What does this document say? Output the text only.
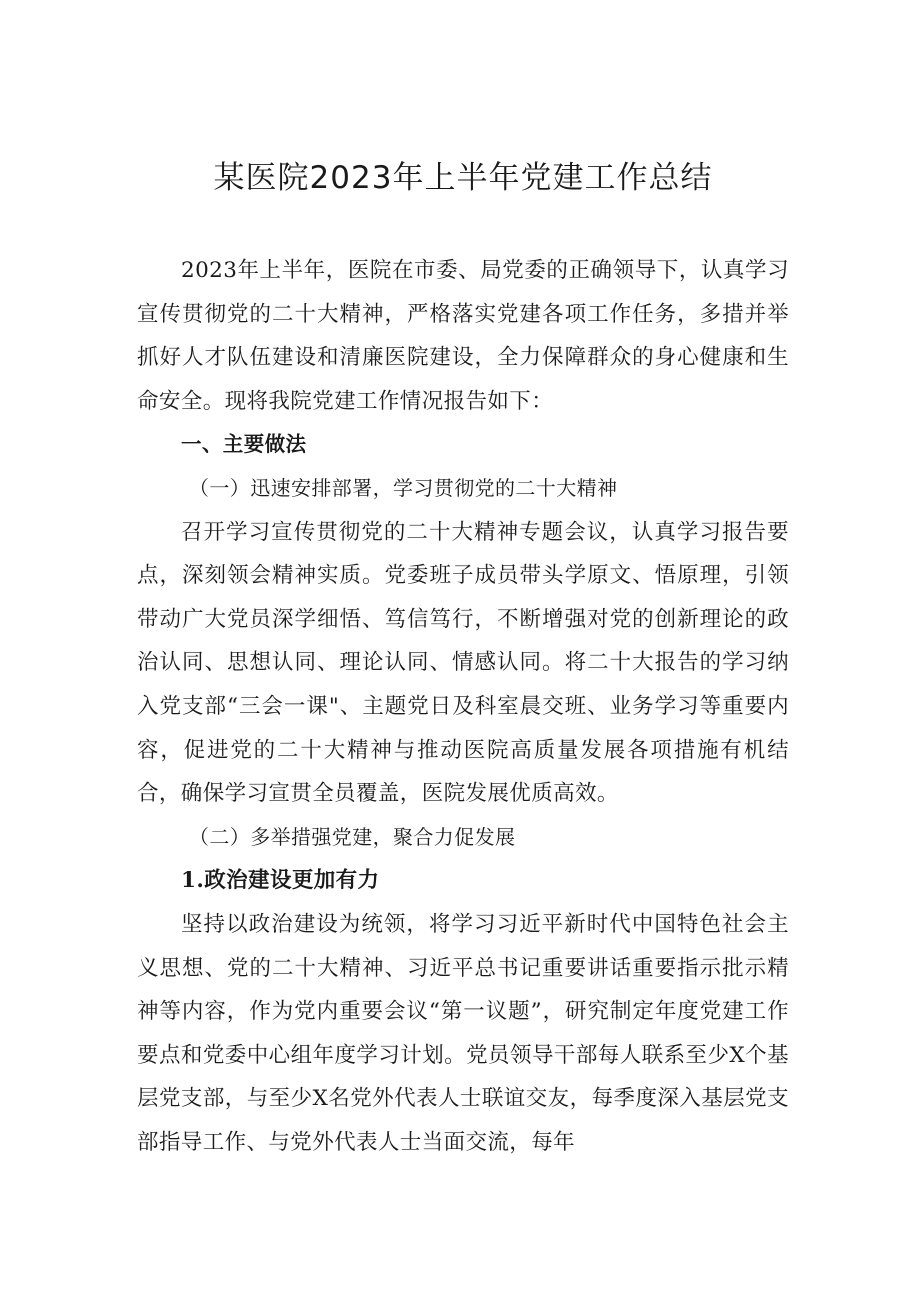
某医院2023年上半年党建工作总结

2023年上半年，医院在市委、局党委的正确领导下，认真学习宣传贯彻党的二十大精神，严格落实党建各项工作任务，多措并举抓好人才队伍建设和清廉医院建设，全力保障群众的身心健康和生命安全。现将我院党建工作情况报告如下：

一、主要做法

（一）迅速安排部署，学习贯彻党的二十大精神

召开学习宣传贯彻党的二十大精神专题会议，认真学习报告要点，深刻领会精神实质。党委班子成员带头学原文、悟原理，引领带动广大党员深学细悟、笃信笃行，不断增强对党的创新理论的政治认同、思想认同、理论认同、情感认同。将二十大报告的学习纳入党支部“三会一课"、主题党日及科室晨交班、业务学习等重要内容，促进党的二十大精神与推动医院高质量发展各项措施有机结合，确保学习宣贯全员覆盖，医院发展优质高效。

（二）多举措强党建，聚合力促发展

1.政治建设更加有力

坚持以政治建设为统领，将学习习近平新时代中国特色社会主义思想、党的二十大精神、习近平总书记重要讲话重要指示批示精神等内容，作为党内重要会议“第一议题”，研究制定年度党建工作要点和党委中心组年度学习计划。党员领导干部每人联系至少X个基层党支部，与至少X名党外代表人士联谊交友，每季度深入基层党支部指导工作、与党外代表人士当面交流，每年
